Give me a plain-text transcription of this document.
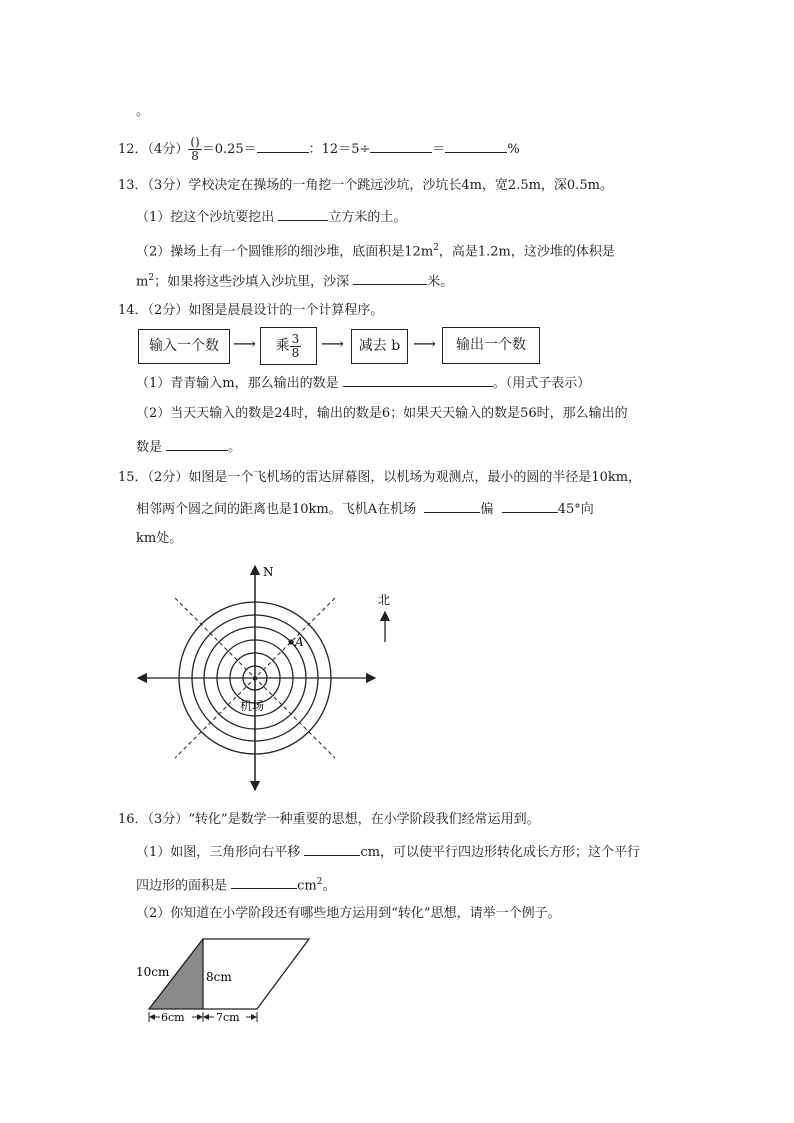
。
12．（4分） $\frac{()}{8} =0.25=$	：12＝5÷	＝	%
13．（3分）学校决定在操场的一角挖一个跳远沙坑，沙坑长4m，宽2.5m，深0.5m。
（1）挖这个沙坑要挖出	立方米的土。
（2）操场上有一个圆锥形的细沙堆，底面积是$12m^2$，高是1.2m，这沙堆的体积是
$m^2$；如果将这些沙填入沙坑里，沙深	米。
14．（2分）如图是晨晨设计的一个计算程序。
输入一个数 ⟶	乘 $\frac{3}{8}$ ⟶	减去 b ⟶	输出一个数
（1）青青输入m，那么输出的数是	。（用式子表示）
（2）当天天输入的数是24时，输出的数是6；如果天天输入的数是56时，那么输出的
数是	。
15．（2分）如图是一个飞机场的雷达屏幕图，以机场为观测点，最小的圆的半径是10km，
相邻两个圆之间的距离也是10km。飞机A在机场	偏	45°向
km处。
N
A
机场
北
16．（3分）“转化”是数学一种重要的思想，在小学阶段我们经常运用到。
（1）如图，三角形向右平移	cm，可以使平行四边形转化成长方形；这个平行
四边形的面积是	$cm^2$。
（2）你知道在小学阶段还有哪些地方运用到“转化”思想，请举一个例子。
10cm	8cm
6cm	7cm
